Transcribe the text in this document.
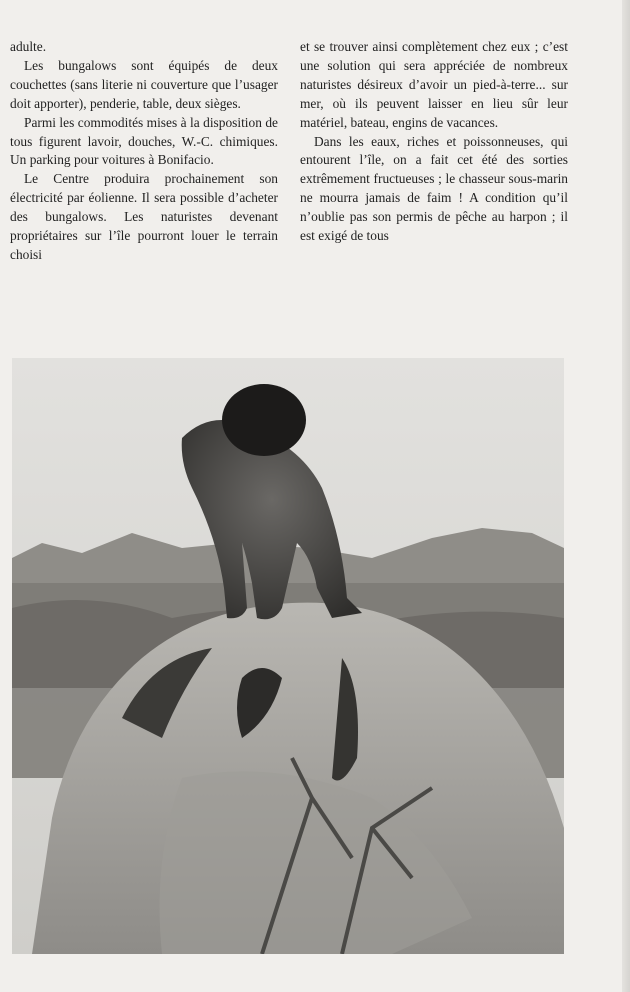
adulte.

Les bungalows sont équipés de deux couchettes (sans literie ni couverture que l’usager doit apporter), penderie, table, deux sièges.

Parmi les commodités mises à la disposition de tous figurent lavoir, douches, W.-C. chimiques. Un parking pour voitures à Bonifacio.

Le Centre produira prochainement son électricité par éolienne. Il sera possible d’acheter des bungalows. Les naturistes devenant propriétaires sur l’île pourront louer le terrain choisi

et se trouver ainsi complètement chez eux ; c’est une solution qui sera appréciée de nombreux naturistes désireux d’avoir un pied-à-terre... sur mer, où ils peuvent laisser en lieu sûr leur matériel, bateau, engins de vacances.

Dans les eaux, riches et poissonneuses, qui entourent l’île, on a fait cet été des sorties extrêmement fructueuses ; le chasseur sous-marin ne mourra jamais de faim ! A condition qu’il n’oublie pas son permis de pêche au harpon ; il est exigé de tous
